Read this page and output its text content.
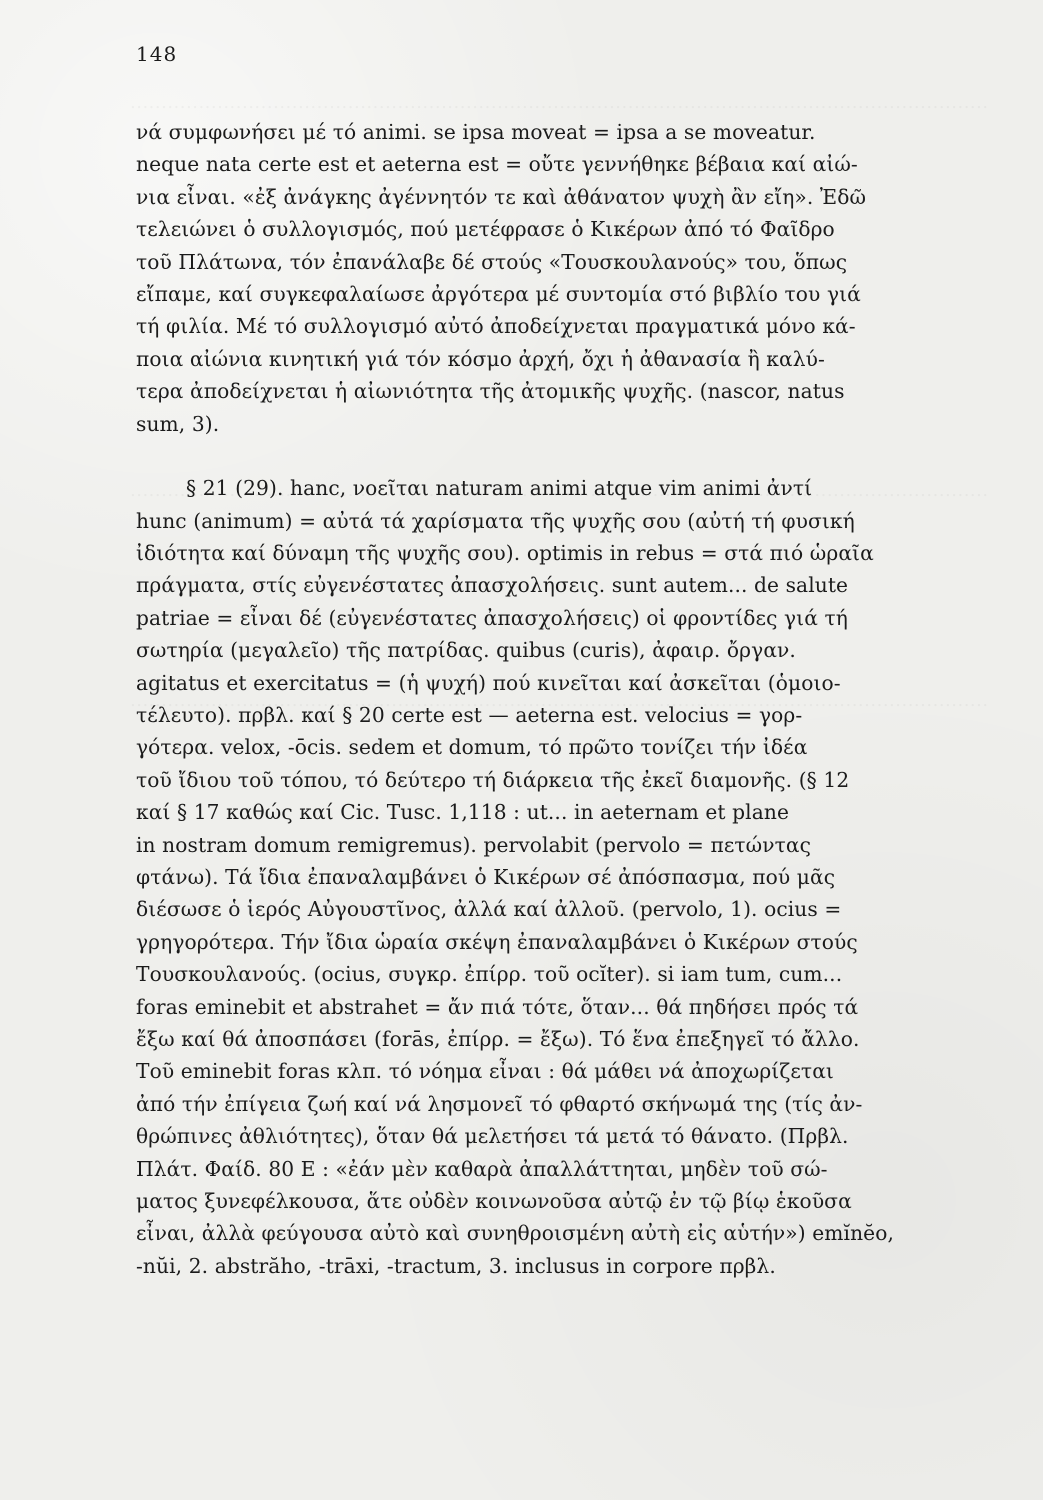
148
νά συμφωνήσει μέ τό animi. se ipsa moveat = ipsa a se moveatur.
neque nata certe est et aeterna est = οὔτε γεννήθηκε βέβαια καί αἰώ-
νια εἶναι. «ἐξ ἀνάγκης ἀγέννητόν τε καὶ ἀθάνατον ψυχὴ ἂν εἴη». Ἐδῶ
τελειώνει ὁ συλλογισμός, πού μετέφρασε ὁ Κικέρων ἀπό τό Φαῖδρο
τοῦ Πλάτωνα, τόν ἐπανάλαβε δέ στούς «Τουσκουλανούς» του, ὅπως
εἴπαμε, καί συγκεφαλαίωσε ἀργότερα μέ συντομία στό βιβλίο του γιά
τή φιλία. Μέ τό συλλογισμό αὐτό ἀποδείχνεται πραγματικά μόνο κά-
ποια αἰώνια κινητική γιά τόν κόσμο ἀρχή, ὄχι ἡ ἀθανασία ἢ καλύ-
τερα ἀποδείχνεται ἡ αἰωνιότητα τῆς ἀτομικῆς ψυχῆς. (nascor, natus
sum, 3).
§ 21 (29). hanc, νοεῖται naturam animi atque vim animi ἀντί
hunc (animum) = αὐτά τά χαρίσματα τῆς ψυχῆς σου (αὐτή τή φυσική
ἰδιότητα καί δύναμη τῆς ψυχῆς σου). optimis in rebus = στά πιό ὡραῖα
πράγματα, στίς εὐγενέστατες ἀπασχολήσεις. sunt autem... de salute
patriae = εἶναι δέ (εὐγενέστατες ἀπασχολήσεις) οἱ φροντίδες γιά τή
σωτηρία (μεγαλεῖο) τῆς πατρίδας. quibus (curis), ἀφαιρ. ὄργαν.
agitatus et exercitatus = (ἡ ψυχή) πού κινεῖται καί ἀσκεῖται (ὁμοιο-
τέλευτο). πρβλ. καί § 20 certe est — aeterna est. velocius = γορ-
γότερα. velox, -ōcis. sedem et domum, τό πρῶτο τονίζει τήν ἰδέα
τοῦ ἴδιου τοῦ τόπου, τό δεύτερο τή διάρκεια τῆς ἐκεῖ διαμονῆς. (§ 12
καί § 17 καθώς καί Cic. Tusc. 1,118 : ut... in aeternam et plane
in nostram domum remigremus). pervolabit (pervolo = πετώντας
φτάνω). Τά ἴδια ἐπαναλαμβάνει ὁ Κικέρων σέ ἀπόσπασμα, πού μᾶς
διέσωσε ὁ ἱερός Αὐγουστῖνος, ἀλλά καί ἀλλοῦ. (pervolo, 1). ocius =
γρηγορότερα. Τήν ἴδια ὡραία σκέψη ἐπαναλαμβάνει ὁ Κικέρων στούς
Τουσκουλανούς. (ocius, συγκρ. ἐπίρρ. τοῦ ocĭter). si iam tum, cum...
foras eminebit et abstrahet = ἄν πιά τότε, ὅταν... θά πηδήσει πρός τά
ἔξω καί θά ἀποσπάσει (forās, ἐπίρρ. = ἔξω). Τό ἕνα ἐπεξηγεῖ τό ἄλλο.
Τοῦ eminebit foras κλπ. τό νόημα εἶναι : θά μάθει νά ἀποχωρίζεται
ἀπό τήν ἐπίγεια ζωή καί νά λησμονεῖ τό φθαρτό σκήνωμά της (τίς ἀν-
θρώπινες ἀθλιότητες), ὅταν θά μελετήσει τά μετά τό θάνατο. (Πρβλ.
Πλάτ. Φαίδ. 80 Ε : «ἐάν μὲν καθαρὰ ἀπαλλάττηται, μηδὲν τοῦ σώ-
ματος ξυνεφέλκουσα, ἅτε οὐδὲν κοινωνοῦσα αὐτῷ ἐν τῷ βίῳ ἑκοῦσα
εἶναι, ἀλλὰ φεύγουσα αὐτὸ καὶ συνηθροισμένη αὐτὴ εἰς αὑτήν») emĭnĕo,
-nŭi, 2. abstrăho, -trāxi, -tractum, 3. inclusus in corpore πρβλ.
